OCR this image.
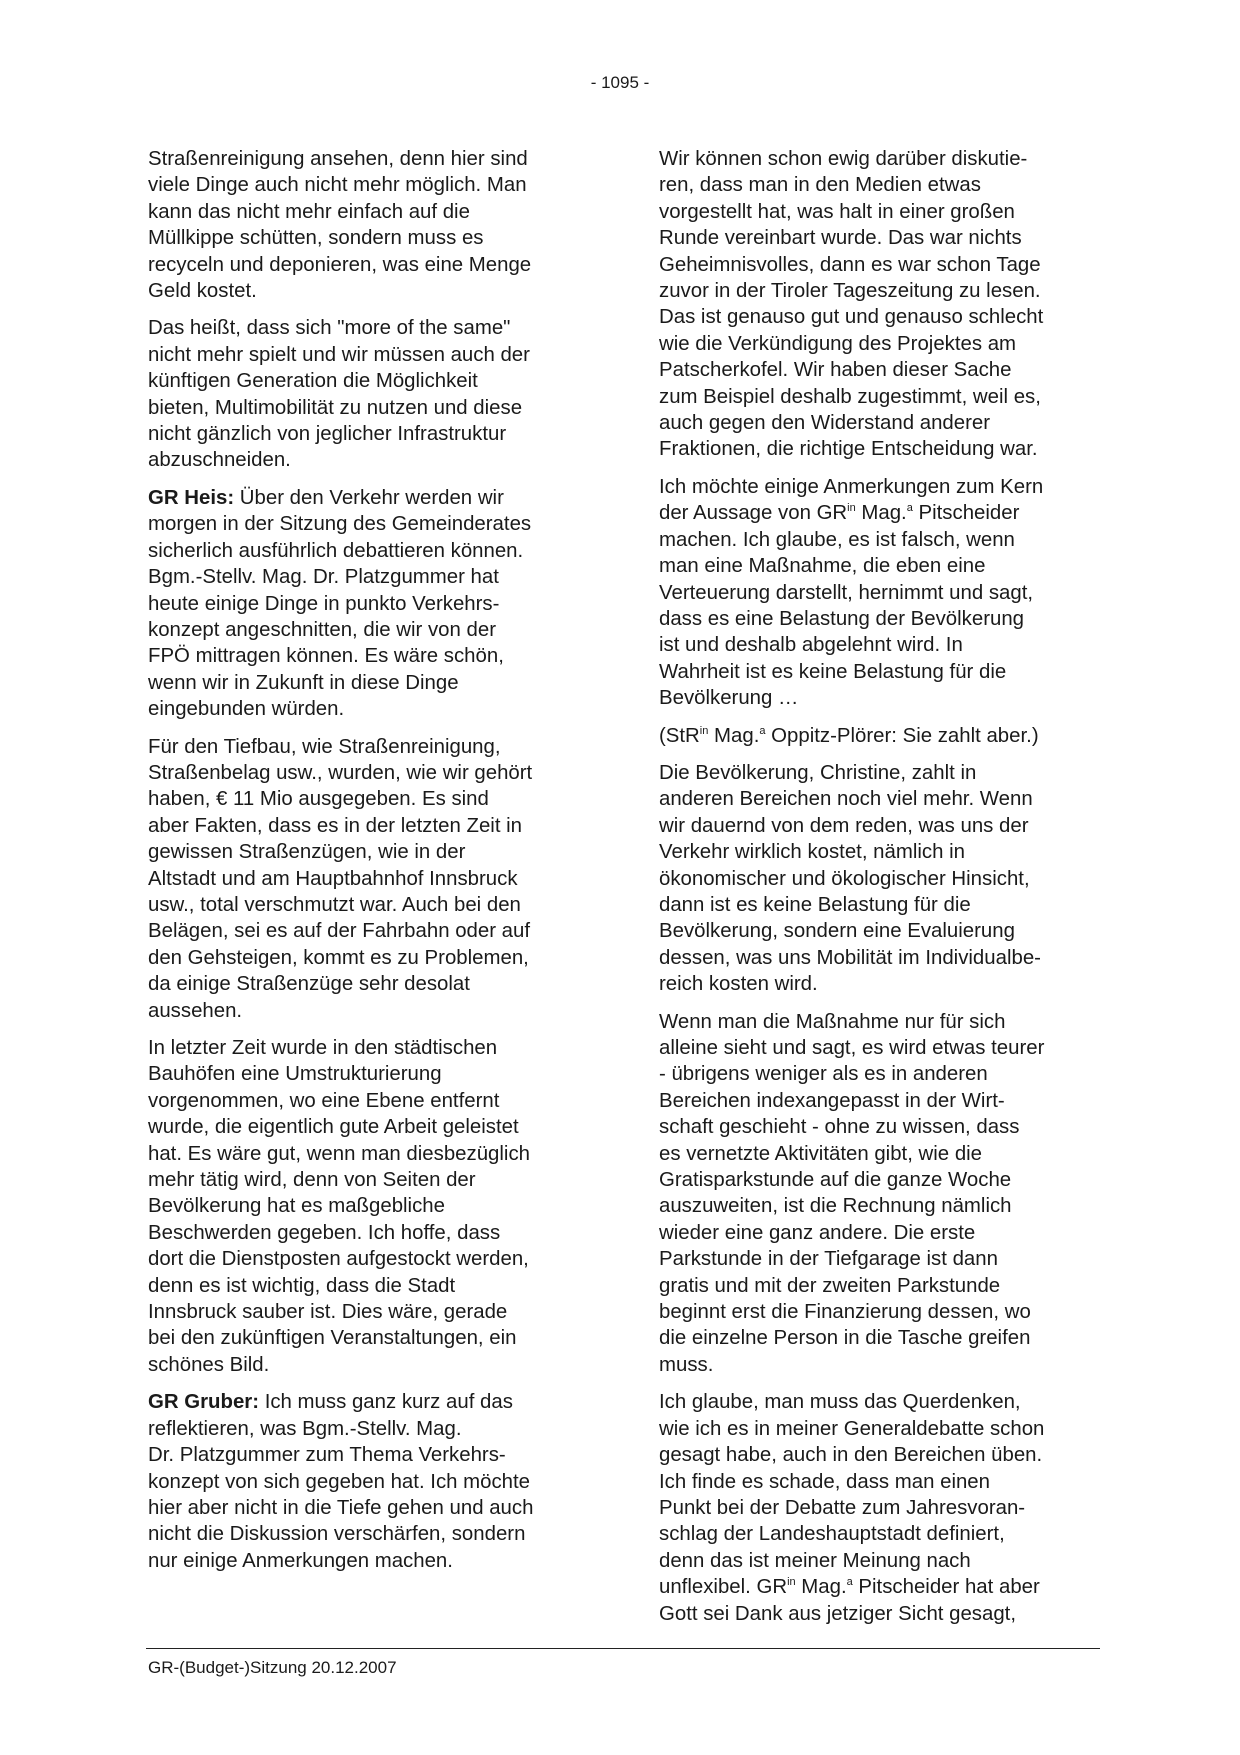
- 1095 -

Straßenreinigung ansehen, denn hier sind
viele Dinge auch nicht mehr möglich. Man
kann das nicht mehr einfach auf die
Müllkippe schütten, sondern muss es
recyceln und deponieren, was eine Menge
Geld kostet.

Das heißt, dass sich "more of the same"
nicht mehr spielt und wir müssen auch der
künftigen Generation die Möglichkeit
bieten, Multimobilität zu nutzen und diese
nicht gänzlich von jeglicher Infrastruktur
abzuschneiden.

GR Heis: Über den Verkehr werden wir
morgen in der Sitzung des Gemeinderates
sicherlich ausführlich debattieren können.
Bgm.-Stellv. Mag. Dr. Platzgummer hat
heute einige Dinge in punkto Verkehrs-
konzept angeschnitten, die wir von der
FPÖ mittragen können. Es wäre schön,
wenn wir in Zukunft in diese Dinge
eingebunden würden.

Für den Tiefbau, wie Straßenreinigung,
Straßenbelag usw., wurden, wie wir gehört
haben, € 11 Mio ausgegeben. Es sind
aber Fakten, dass es in der letzten Zeit in
gewissen Straßenzügen, wie in der
Altstadt und am Hauptbahnhof Innsbruck
usw., total verschmutzt war. Auch bei den
Belägen, sei es auf der Fahrbahn oder auf
den Gehsteigen, kommt es zu Problemen,
da einige Straßenzüge sehr desolat
aussehen.

In letzter Zeit wurde in den städtischen
Bauhöfen eine Umstrukturierung
vorgenommen, wo eine Ebene entfernt
wurde, die eigentlich gute Arbeit geleistet
hat. Es wäre gut, wenn man diesbezüglich
mehr tätig wird, denn von Seiten der
Bevölkerung hat es maßgebliche
Beschwerden gegeben. Ich hoffe, dass
dort die Dienstposten aufgestockt werden,
denn es ist wichtig, dass die Stadt
Innsbruck sauber ist. Dies wäre, gerade
bei den zukünftigen Veranstaltungen, ein
schönes Bild.

GR Gruber: Ich muss ganz kurz auf das
reflektieren, was Bgm.-Stellv. Mag.
Dr. Platzgummer zum Thema Verkehrs-
konzept von sich gegeben hat. Ich möchte
hier aber nicht in die Tiefe gehen und auch
nicht die Diskussion verschärfen, sondern
nur einige Anmerkungen machen.

Wir können schon ewig darüber diskutie-
ren, dass man in den Medien etwas
vorgestellt hat, was halt in einer großen
Runde vereinbart wurde. Das war nichts
Geheimnisvolles, dann es war schon Tage
zuvor in der Tiroler Tageszeitung zu lesen.
Das ist genauso gut und genauso schlecht
wie die Verkündigung des Projektes am
Patscherkofel. Wir haben dieser Sache
zum Beispiel deshalb zugestimmt, weil es,
auch gegen den Widerstand anderer
Fraktionen, die richtige Entscheidung war.

Ich möchte einige Anmerkungen zum Kern
der Aussage von $GR^{in}$ Mag.$^a$ Pitscheider
machen. Ich glaube, es ist falsch, wenn
man eine Maßnahme, die eben eine
Verteuerung darstellt, hernimmt und sagt,
dass es eine Belastung der Bevölkerung
ist und deshalb abgelehnt wird. In
Wahrheit ist es keine Belastung für die
Bevölkerung …

(StR$^{in}$ Mag.$^a$ Oppitz-Plörer: Sie zahlt aber.)

Die Bevölkerung, Christine, zahlt in
anderen Bereichen noch viel mehr. Wenn
wir dauernd von dem reden, was uns der
Verkehr wirklich kostet, nämlich in
ökonomischer und ökologischer Hinsicht,
dann ist es keine Belastung für die
Bevölkerung, sondern eine Evaluierung
dessen, was uns Mobilität im Individualbe-
reich kosten wird.

Wenn man die Maßnahme nur für sich
alleine sieht und sagt, es wird etwas teurer
- übrigens weniger als es in anderen
Bereichen indexangepasst in der Wirt-
schaft geschieht - ohne zu wissen, dass
es vernetzte Aktivitäten gibt, wie die
Gratisparkstunde auf die ganze Woche
auszuweiten, ist die Rechnung nämlich
wieder eine ganz andere. Die erste
Parkstunde in der Tiefgarage ist dann
gratis und mit der zweiten Parkstunde
beginnt erst die Finanzierung dessen, wo
die einzelne Person in die Tasche greifen
muss.

Ich glaube, man muss das Querdenken,
wie ich es in meiner Generaldebatte schon
gesagt habe, auch in den Bereichen üben.
Ich finde es schade, dass man einen
Punkt bei der Debatte zum Jahresvoran-
schlag der Landeshauptstadt definiert,
denn das ist meiner Meinung nach
unflexibel. $GR^{in}$ Mag.$^a$ Pitscheider hat aber
Gott sei Dank aus jetziger Sicht gesagt,

GR-(Budget-)Sitzung 20.12.2007
